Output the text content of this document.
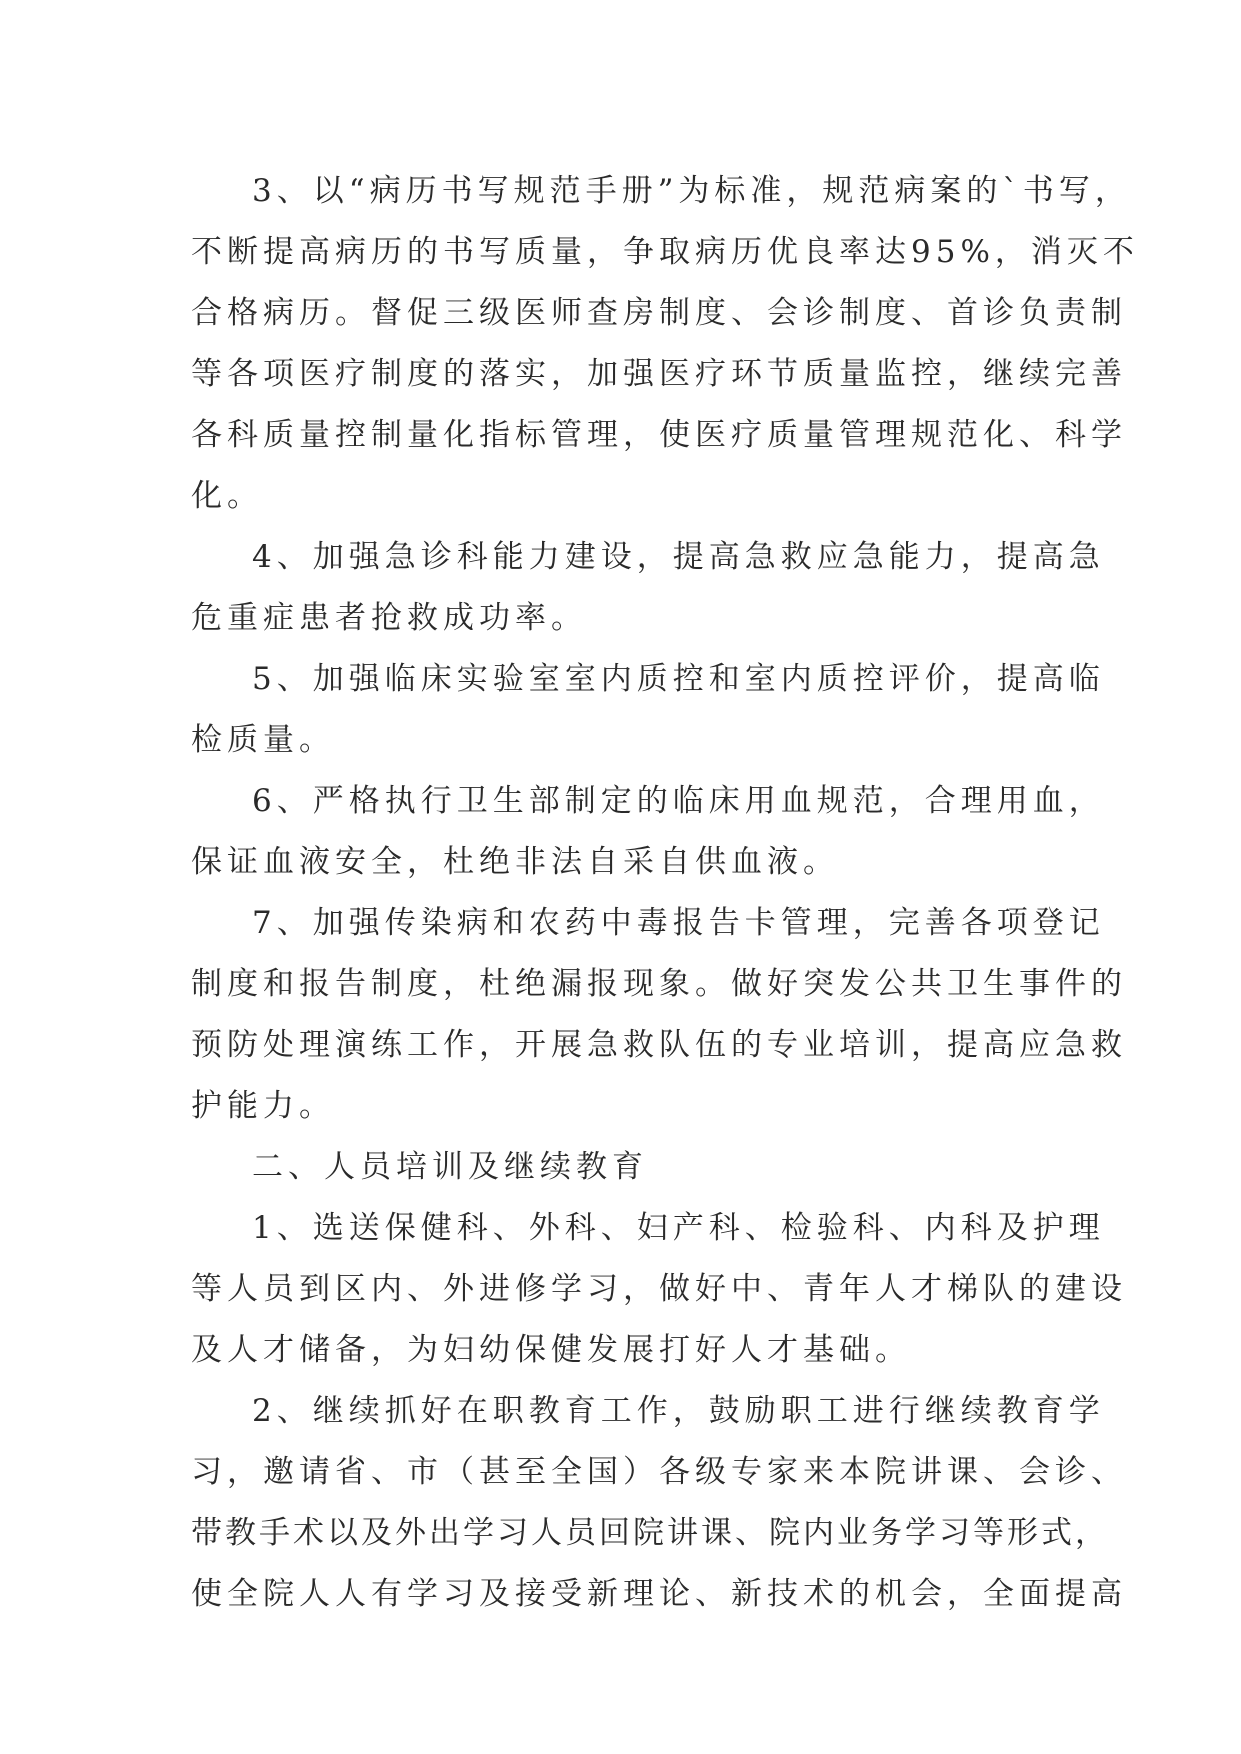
3、以“病历书写规范手册”为标准，规范病案的`书写，
不断提高病历的书写质量，争取病历优良率达95%，消灭不
合格病历。督促三级医师查房制度、会诊制度、首诊负责制
等各项医疗制度的落实，加强医疗环节质量监控，继续完善
各科质量控制量化指标管理，使医疗质量管理规范化、科学
化。
4、加强急诊科能力建设，提高急救应急能力，提高急
危重症患者抢救成功率。
5、加强临床实验室室内质控和室内质控评价，提高临
检质量。
6、严格执行卫生部制定的临床用血规范，合理用血，
保证血液安全，杜绝非法自采自供血液。
7、加强传染病和农药中毒报告卡管理，完善各项登记
制度和报告制度，杜绝漏报现象。做好突发公共卫生事件的
预防处理演练工作，开展急救队伍的专业培训，提高应急救
护能力。
二、人员培训及继续教育
1、选送保健科、外科、妇产科、检验科、内科及护理
等人员到区内、外进修学习，做好中、青年人才梯队的建设
及人才储备，为妇幼保健发展打好人才基础。
2、继续抓好在职教育工作，鼓励职工进行继续教育学
习，邀请省、市（甚至全国）各级专家来本院讲课、会诊、
带教手术以及外出学习人员回院讲课、院内业务学习等形式，
使全院人人有学习及接受新理论、新技术的机会，全面提高
